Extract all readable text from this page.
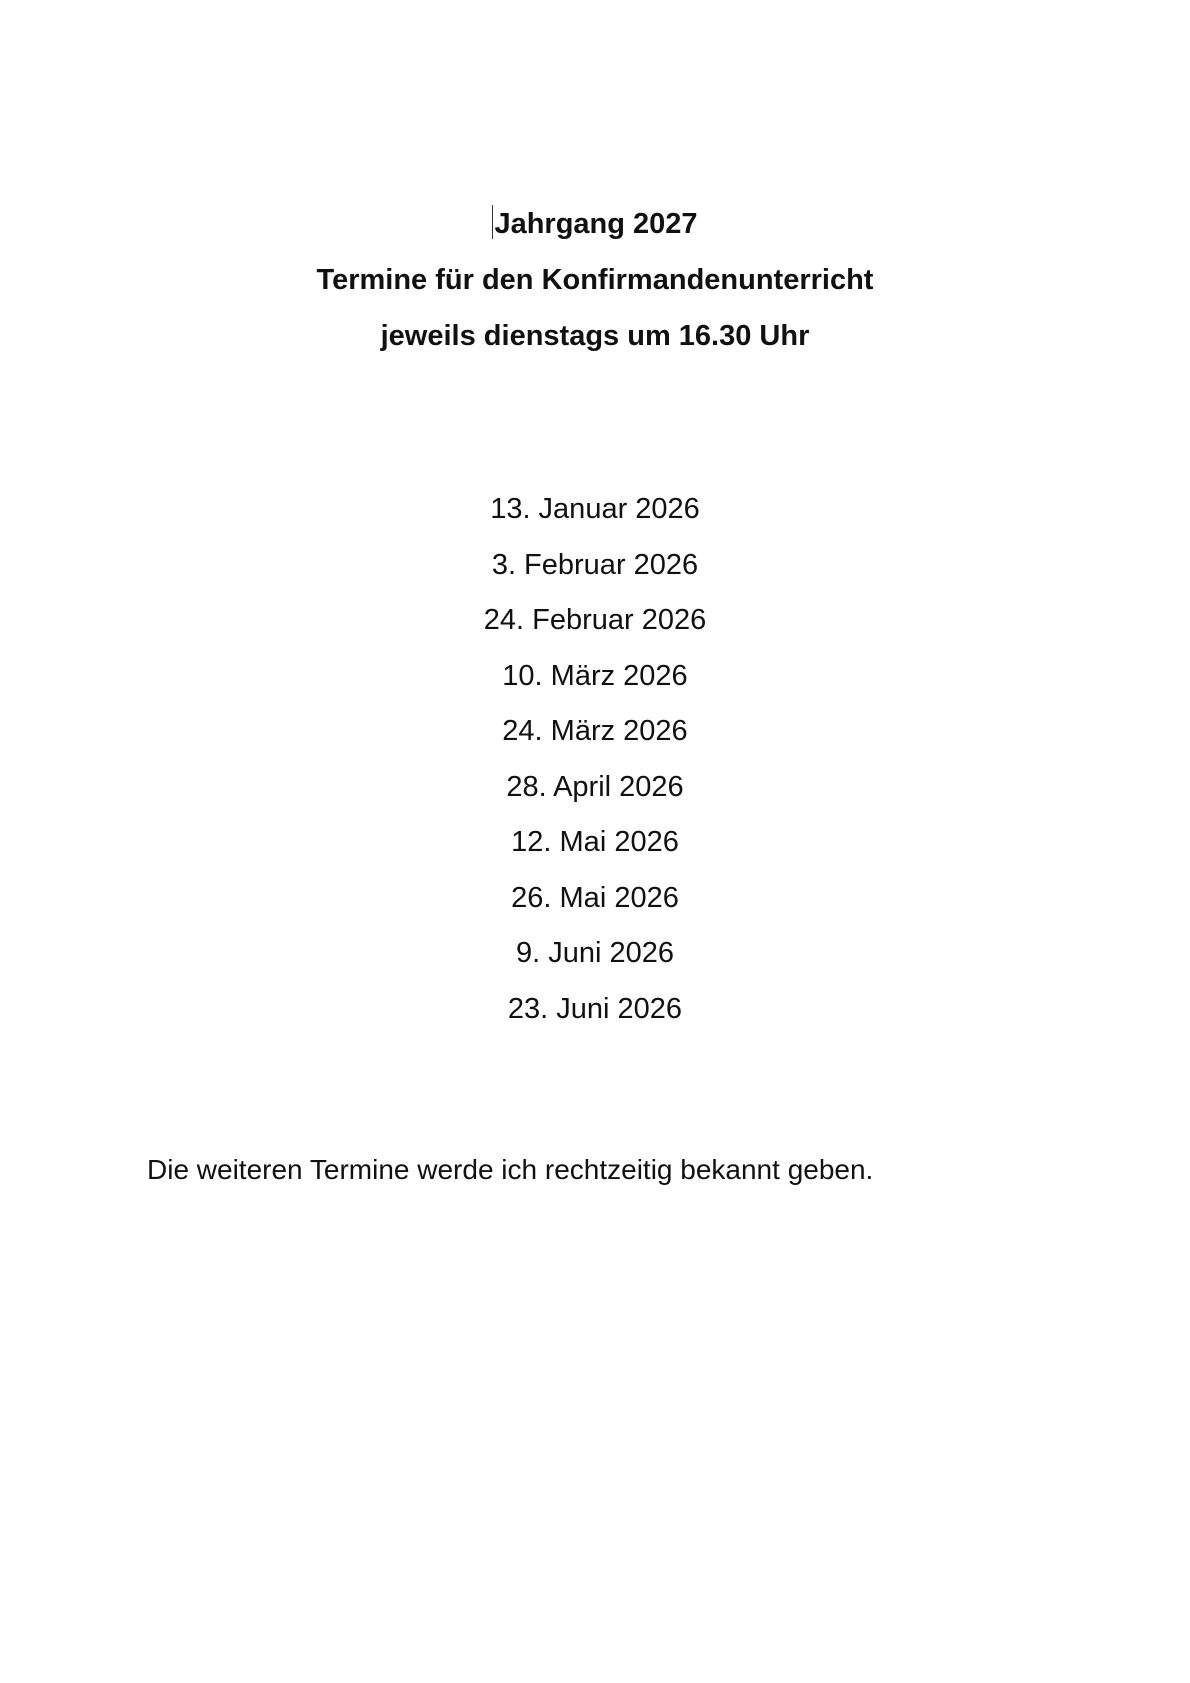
Jahrgang 2027

Termine für den Konfirmandenunterricht

jeweils dienstags um 16.30 Uhr

13. Januar 2026
3. Februar 2026
24. Februar 2026
10. März 2026
24. März 2026
28. April 2026
12. Mai 2026
26. Mai 2026
9. Juni 2026
23. Juni 2026

Die weiteren Termine werde ich rechtzeitig bekannt geben.
